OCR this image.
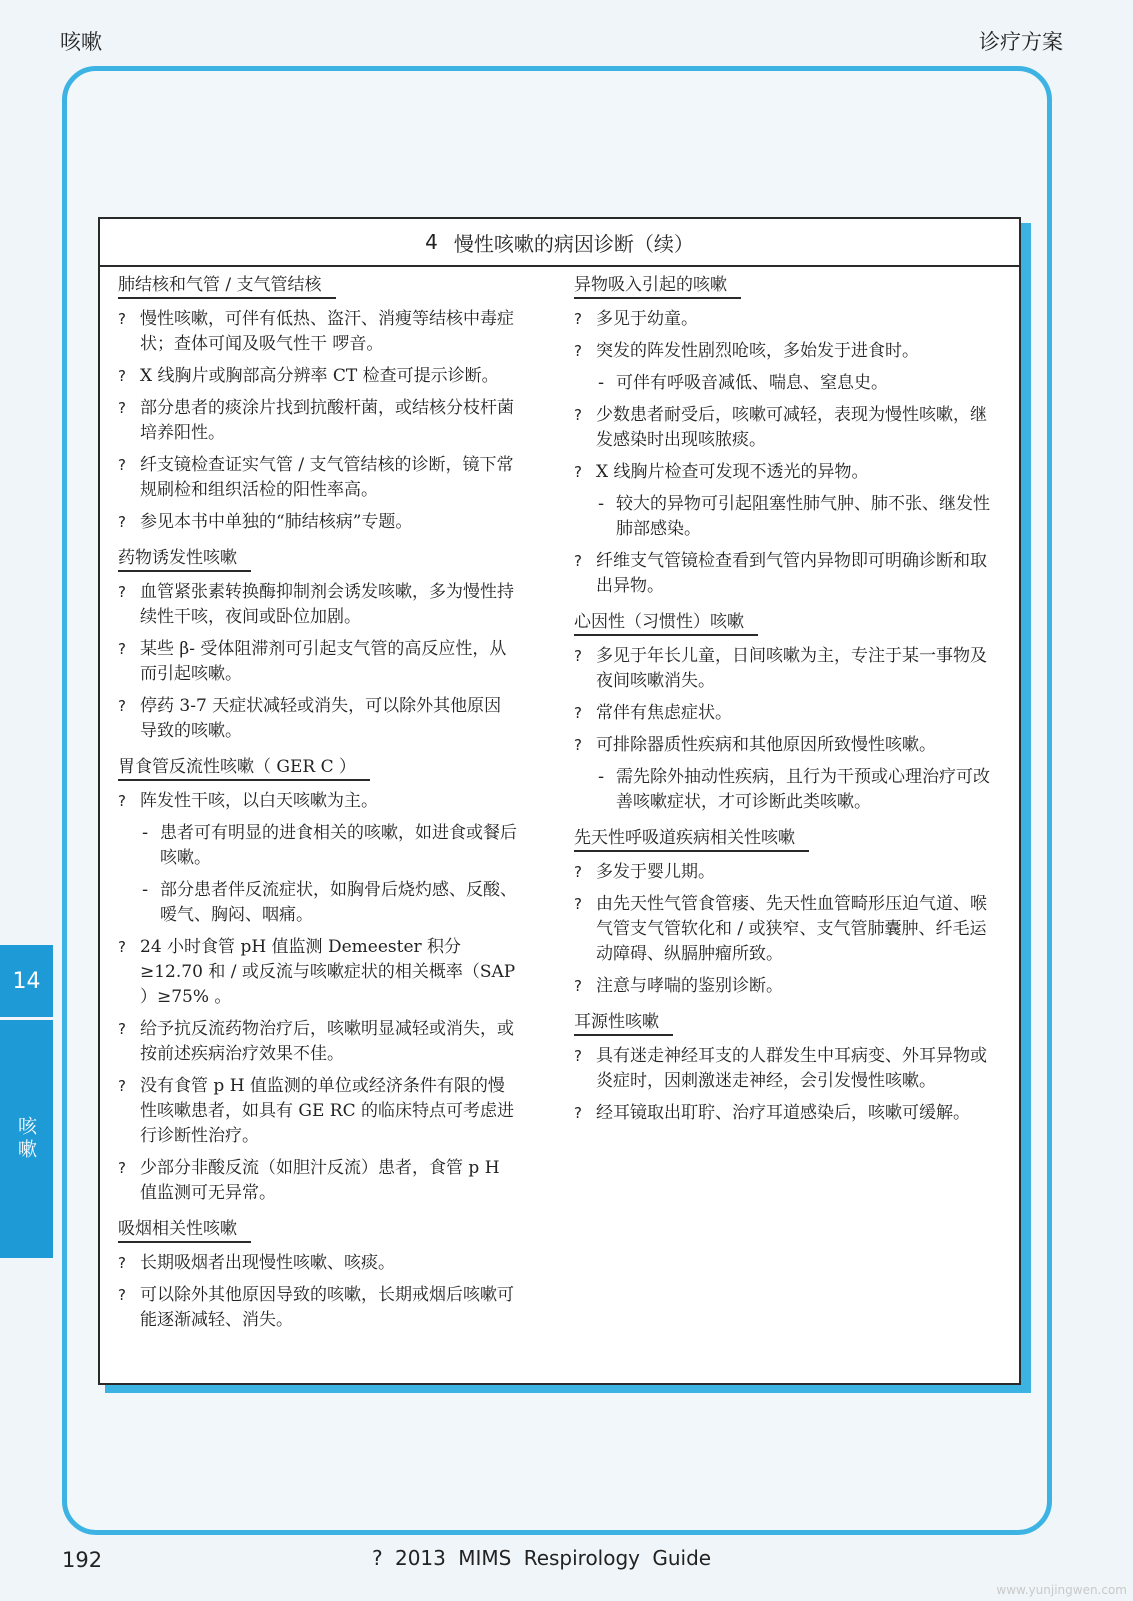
咳嗽	诊疗方案
14
咳嗽
4 慢性咳嗽的病因诊断（续）
肺结核和气管 / 支气管结核
? 慢性咳嗽，可伴有低热、盗汗、消瘦等结核中毒症状；查体可闻及吸气性干 啰音。
? X 线胸片或胸部高分辨率 CT 检查可提示诊断。
? 部分患者的痰涂片找到抗酸杆菌，或结核分枝杆菌培养阳性。
? 纤支镜检查证实气管 / 支气管结核的诊断，镜下常规刷检和组织活检的阳性率高。
? 参见本书中单独的“肺结核病”专题。
药物诱发性咳嗽
? 血管紧张素转换酶抑制剂会诱发咳嗽，多为慢性持续性干咳，夜间或卧位加剧。
? 某些 β- 受体阻滞剂可引起支气管的高反应性，从而引起咳嗽。
? 停药 3-7 天症状减轻或消失，可以除外其他原因导致的咳嗽。
胃食管反流性咳嗽（ GER C ）
? 阵发性干咳，以白天咳嗽为主。
- 患者可有明显的进食相关的咳嗽，如进食或餐后咳嗽。
- 部分患者伴反流症状，如胸骨后烧灼感、反酸、嗳气、胸闷、咽痛。
? 24 小时食管 pH 值监测 Demeester 积分≥12.70 和 / 或反流与咳嗽症状的相关概率（SAP ）≥75% 。
? 给予抗反流药物治疗后，咳嗽明显减轻或消失，或按前述疾病治疗效果不佳。
? 没有食管 p H 值监测的单位或经济条件有限的慢性咳嗽患者，如具有 GE RC 的临床特点可考虑进行诊断性治疗。
? 少部分非酸反流（如胆汁反流）患者，食管 p H 值监测可无异常。
吸烟相关性咳嗽
? 长期吸烟者出现慢性咳嗽、咳痰。
? 可以除外其他原因导致的咳嗽，长期戒烟后咳嗽可能逐渐减轻、消失。
异物吸入引起的咳嗽
? 多见于幼童。
? 突发的阵发性剧烈呛咳，多始发于进食时。
- 可伴有呼吸音减低、喘息、窒息史。
? 少数患者耐受后，咳嗽可减轻，表现为慢性咳嗽，继发感染时出现咳脓痰。
? X 线胸片检查可发现不透光的异物。
- 较大的异物可引起阻塞性肺气肿、肺不张、继发性肺部感染。
? 纤维支气管镜检查看到气管内异物即可明确诊断和取出异物。
心因性（习惯性）咳嗽
? 多见于年长儿童，日间咳嗽为主，专注于某一事物及夜间咳嗽消失。
? 常伴有焦虑症状。
? 可排除器质性疾病和其他原因所致慢性咳嗽。
- 需先除外抽动性疾病，且行为干预或心理治疗可改善咳嗽症状，才可诊断此类咳嗽。
先天性呼吸道疾病相关性咳嗽
? 多发于婴儿期。
? 由先天性气管食管瘘、先天性血管畸形压迫气道、喉气管支气管软化和 / 或狭窄、支气管肺囊肿、纤毛运动障碍、纵膈肿瘤所致。
? 注意与哮喘的鉴别诊断。
耳源性咳嗽
? 具有迷走神经耳支的人群发生中耳病变、外耳异物或炎症时，因刺激迷走神经，会引发慢性咳嗽。
? 经耳镜取出耵聍、治疗耳道感染后，咳嗽可缓解。
192	? 2013 MIMS Respirology Guide
www.yunjingwen.com
